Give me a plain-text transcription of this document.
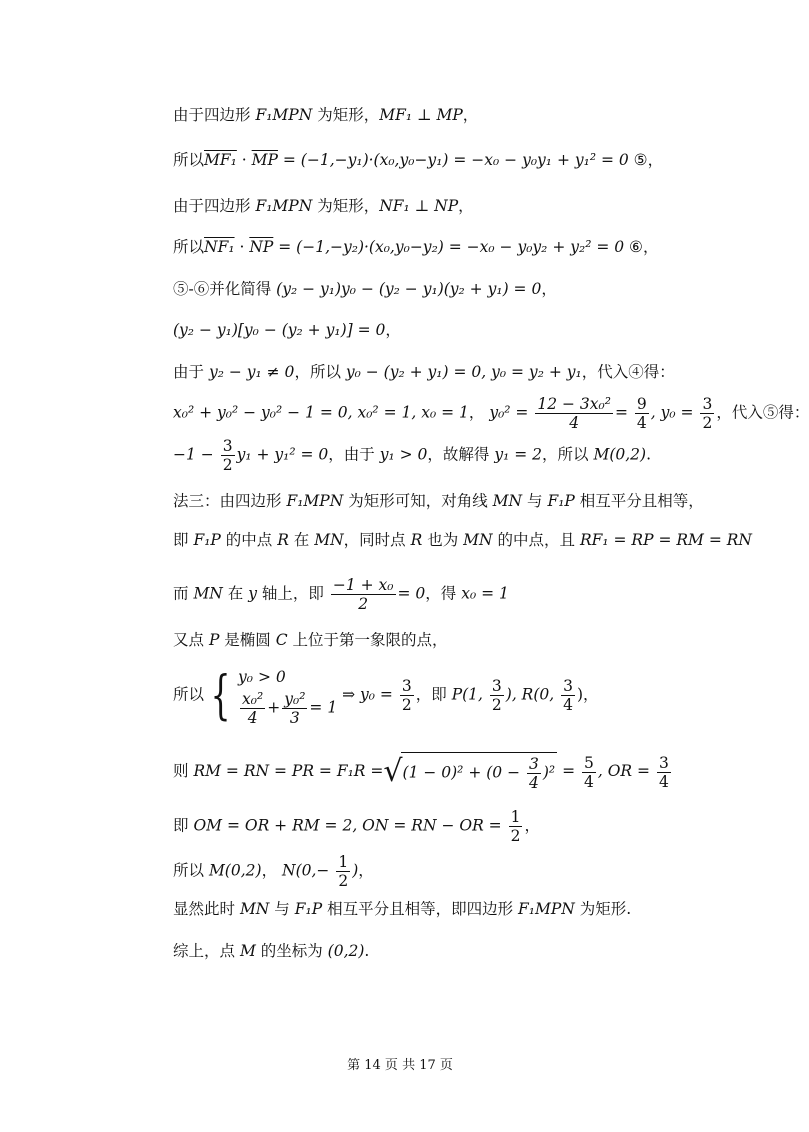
由于四边形 F₁MPN 为矩形，MF₁ ⊥ MP，
所以$MF_1 \cdot \overline{MP} = (-1,-y_1)\cdot(x_0,y_0-y_1) = -x_0 - y_0y_1 + y_1^2 = 0$ ⑤，
由于四边形 F₁MPN 为矩形，NF₁ ⊥ NP，
所以$NF_1 \cdot \overline{NP} = (-1,-y_2)\cdot(x_0,y_0-y_2) = -x_0 - y_0y_2 + y_2^2 = 0$ ⑥，
⑤-⑥并化简得 (y₂ − y₁)y₀ − (y₂ − y₁)(y₂ + y₁) = 0，
(y₂ − y₁)[y₀ − (y₂ + y₁)] = 0，
由于 y₂ − y₁ ≠ 0，所以 y₀ − (y₂ + y₁) = 0, y₀ = y₂ + y₁，代入④得：
x₀² + y₀² − y₀² − 1 = 0, x₀² = 1, x₀ = 1， $y_0^2 = \frac{\text{12 − 3x₀²}}{4} = \frac{9}{4}$ , $y_0 = \frac{3}{2}$ ，代入⑤得：
$-1 - \frac{3}{2} y_1 + y_1^2 = 0$，由于 y₁ > 0，故解得 y₁ = 2，所以 M(0,2).
法三：由四边形 F₁MPN 为矩形可知，对角线 MN 与 F₁P 相互平分且相等，
即 F₁P 的中点 R 在 MN，同时点 R 也为 MN 的中点，且 RF₁ = RP = RM = RN
而 MN 在 y 轴上，即 $\frac{\text{−1 + x₀}}{2} = 0$，得 x₀ = 1
又点 P 是椭圆 C 上位于第一象限的点，
所以 { y₀ > 0
$\frac{\text{x₀²}}{4} + \frac{\text{y₀²}}{3} = 1$
⇒ $y_0 = \frac{3}{2}$ ，即 P(1, $\frac{3}{2}$ ), R(0, $\frac{3}{4}$ )，
则 RM = RN = PR = $F_1R =√(1 - 0)^2 + (0 - \frac{3}{4} )^2 = \frac{5}{4}$ , OR = $\frac{3}{4}$
即 OM = OR + RM = 2, ON = RN − OR = $\frac{1}{2}$ ，
所以 M(0,2)， $N(0,- \frac{1}{2}$ )，
显然此时 MN 与 F₁P 相互平分且相等，即四边形 F₁MPN 为矩形.
综上，点 M 的坐标为 (0,2).
第 14 页 共 17 页
